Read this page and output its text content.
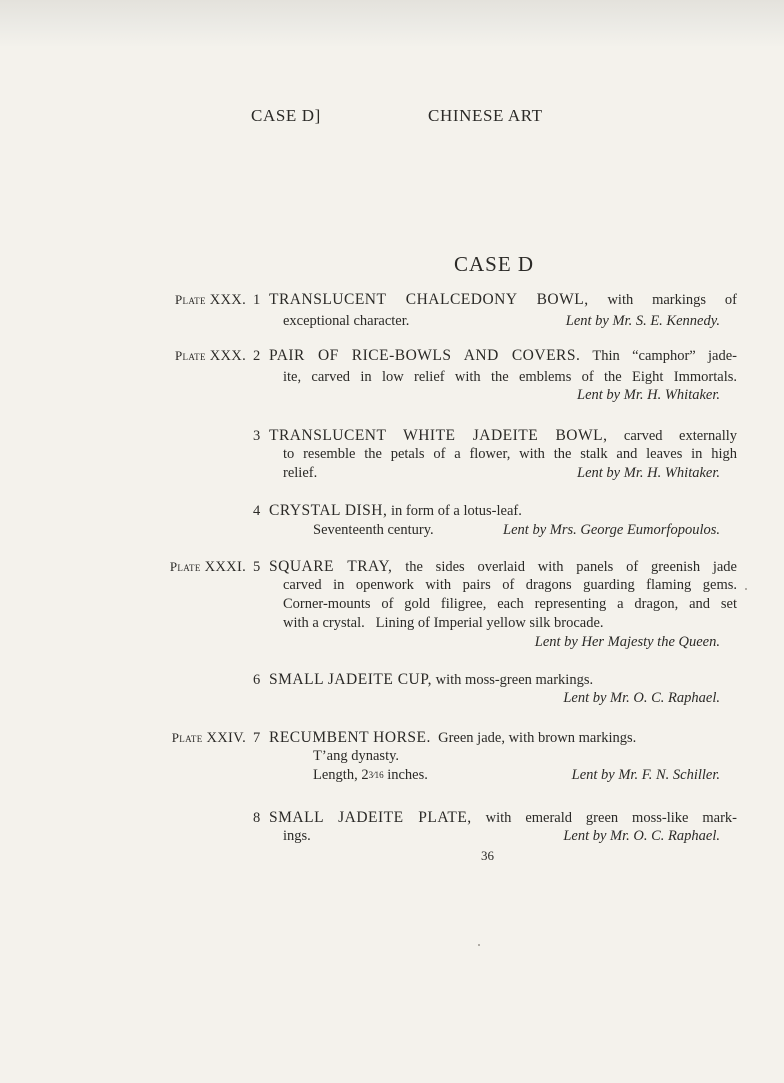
CASE D]	CHINESE ART
CASE D
Plate XXX. 1 TRANSLUCENT CHALCEDONY BOWL, with markings of
exceptional character.	Lent by Mr. S. E. Kennedy.
Plate XXX. 2 PAIR OF RICE-BOWLS AND COVERS. Thin “camphor” jade-
ite, carved in low relief with the emblems of the Eight Immortals.
Lent by Mr. H. Whitaker.
3 TRANSLUCENT WHITE JADEITE BOWL, carved externally
to resemble the petals of a flower, with the stalk and leaves in high
relief.	Lent by Mr. H. Whitaker.
4 CRYSTAL DISH, in form of a lotus-leaf.
Seventeenth century.	Lent by Mrs. George Eumorfopoulos.
Plate XXXI. 5 SQUARE TRAY, the sides overlaid with panels of greenish jade
carved in openwork with pairs of dragons guarding flaming gems.
Corner-mounts of gold filigree, each representing a dragon, and set
with a crystal.   Lining of Imperial yellow silk brocade.
Lent by Her Majesty the Queen.
6 SMALL JADEITE CUP, with moss-green markings.
Lent by Mr. O. C. Raphael.
Plate XXIV. 7 RECUMBENT HORSE. Green jade, with brown markings.
T’ang dynasty.
Length, 23⁄16 inches.	Lent by Mr. F. N. Schiller.
8 SMALL JADEITE PLATE, with emerald green moss-like mark-
ings.	Lent by Mr. O. C. Raphael.
36
